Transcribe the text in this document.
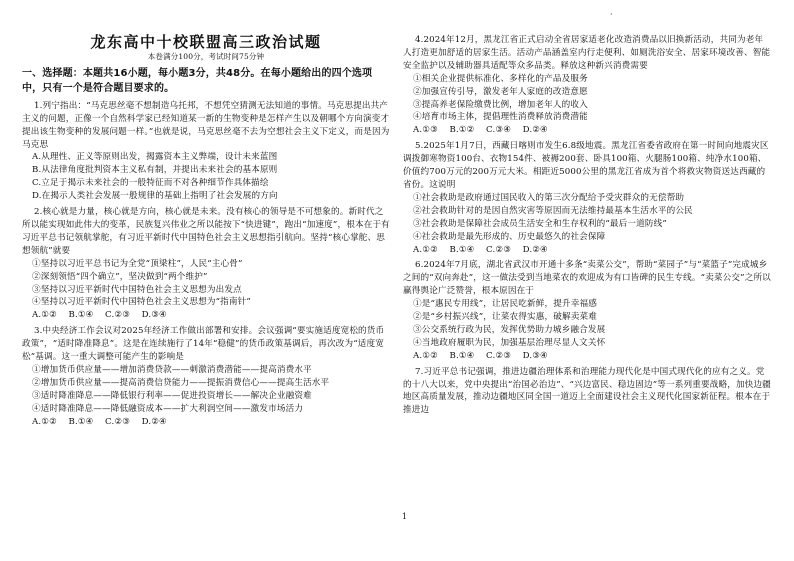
·
龙东高中十校联盟高三政治试题
本卷满分100分，考试时间75分钟
一、选择题：本题共16小题，每小题3分，共48分。在每小题给出的四个选项中，只有一个是符合题目要求的。

1.列宁指出：“马克思丝毫不想制造乌托邦，不想凭空猜测无法知道的事情。马克思提出共产主义的问题，正像一个自然科学家已经知道某一新的生物变种是怎样产生以及朝哪个方向演变才提出该生物变种的发展问题一样。”也就是说，马克思丝毫不去为空想社会主义下定义，而是因为马克思

A.从理性、正义等原则出发，揭露资本主义弊端，设计未来蓝图

B.从法律角度批判资本主义私有制，并提出未来社会的基本原则

C.立足于揭示未来社会的一般特征而不对各种细节作具体描绘

D.在揭示人类社会发展一般规律的基础上指明了社会发展的方向

2.核心就是力量，核心就是方向，核心就是未来。没有核心的领导是不可想象的。新时代之所以能实现如此伟大的变革，民族复兴伟业之所以能按下“快进键”，跑出“加速度”，根本在于有习近平总书记领航掌舵，有习近平新时代中国特色社会主义思想指引航向。坚持“核心掌舵、思想领航”就要

①坚持以习近平总书记为全党“顶梁柱”，人民“主心骨”

②深刻领悟“四个确立”，坚决做到“两个维护”

③坚持以习近平新时代中国特色社会主义思想为出发点

④坚持以习近平新时代中国特色社会主义思想为“指南针”

A.①②    B.①④    C.②③    D.③④

3.中央经济工作会议对2025年经济工作做出部署和安排。会议强调“要实施适度宽松的货币政策”，“适时降准降息”。这是在连续施行了14年“稳健”的货币政策基调后，再次改为“适度宽松”基调。这一重大调整可能产生的影响是

①增加货币供应量——增加消费贷款——刺激消费潜能——提高消费水平

②增加货币供应量——提高消费信贷能力——提振消费信心——提高生活水平

③适时降准降息——降低银行利率——促进投资增长——解决企业融资难

④适时降准降息——降低融资成本——扩大利润空间——激发市场活力

A.①②    B.①④    C.②③    D.②④

4.2024年12月，黑龙江省正式启动全省居家适老化改造消费品以旧换新活动，共同为老年人打造更加舒适的居家生活。活动产品涵盖室内行走便利、如厕洗浴安全、居家环境改善、智能安全监护以及辅助器具适配等众多品类。释放这种新兴消费需要

①相关企业提供标准化、多样化的产品及服务

②加强宣传引导，激发老年人家庭的改造意愿

③提高养老保险缴费比例，增加老年人的收入

④培育市场主体，提倡理性消费释放消费潜能

A.①③    B.①②    C.③④    D.②④

5.2025年1月7日，西藏日喀则市发生6.8级地震。黑龙江省委省政府在第一时间向地震灾区调拨御寒物资100台、衣物154件、被褥200套、卧具100箱、火腿肠100箱、纯净水100箱、价值约700万元的200万元大米。相距近5000公里的黑龙江省成为首个将救灾物资送达西藏的省份。这说明

①社会救助是政府通过国民收入的第三次分配给予受灾群众的无偿帮助

②社会救助针对的是因自然灾害等原因而无法维持最基本生活水平的公民

③社会救助是保障社会成员生活安全和生存权利的“最后一道防线”

④社会救助是最先形成的、历史最悠久的社会保障

A.①②    B.①④    C.②③    D.②④

6.2024年7月底，湖北省武汉市开通十多条“卖菜公交”，帮助“菜园子”与“菜篮子”完成城乡之间的“双向奔赴”，这一做法受到当地菜农的欢迎成为有口皆碑的民生专线。“卖菜公交”之所以赢得舆论广泛赞誉，根本原因在于

①是“惠民专用线”，让居民吃新鲜，提升幸福感

②是“乡村振兴线”，让菜农得实惠，破解卖菜难

③公交系统行政为民，发挥优势助力城乡融合发展

④当地政府履职为民，加强基层治理尽显人文关怀

A.①②    B.①④    C.②③    D.③④

7.习近平总书记强调，推进边疆治理体系和治理能力现代化是中国式现代化的应有之义。党的十八大以来，党中央提出“治国必治边”、“兴边富民、稳边固边”等一系列重要战略，加快边疆地区高质量发展，推动边疆地区同全国一道迈上全面建设社会主义现代化国家新征程。根本在于推进边

1
